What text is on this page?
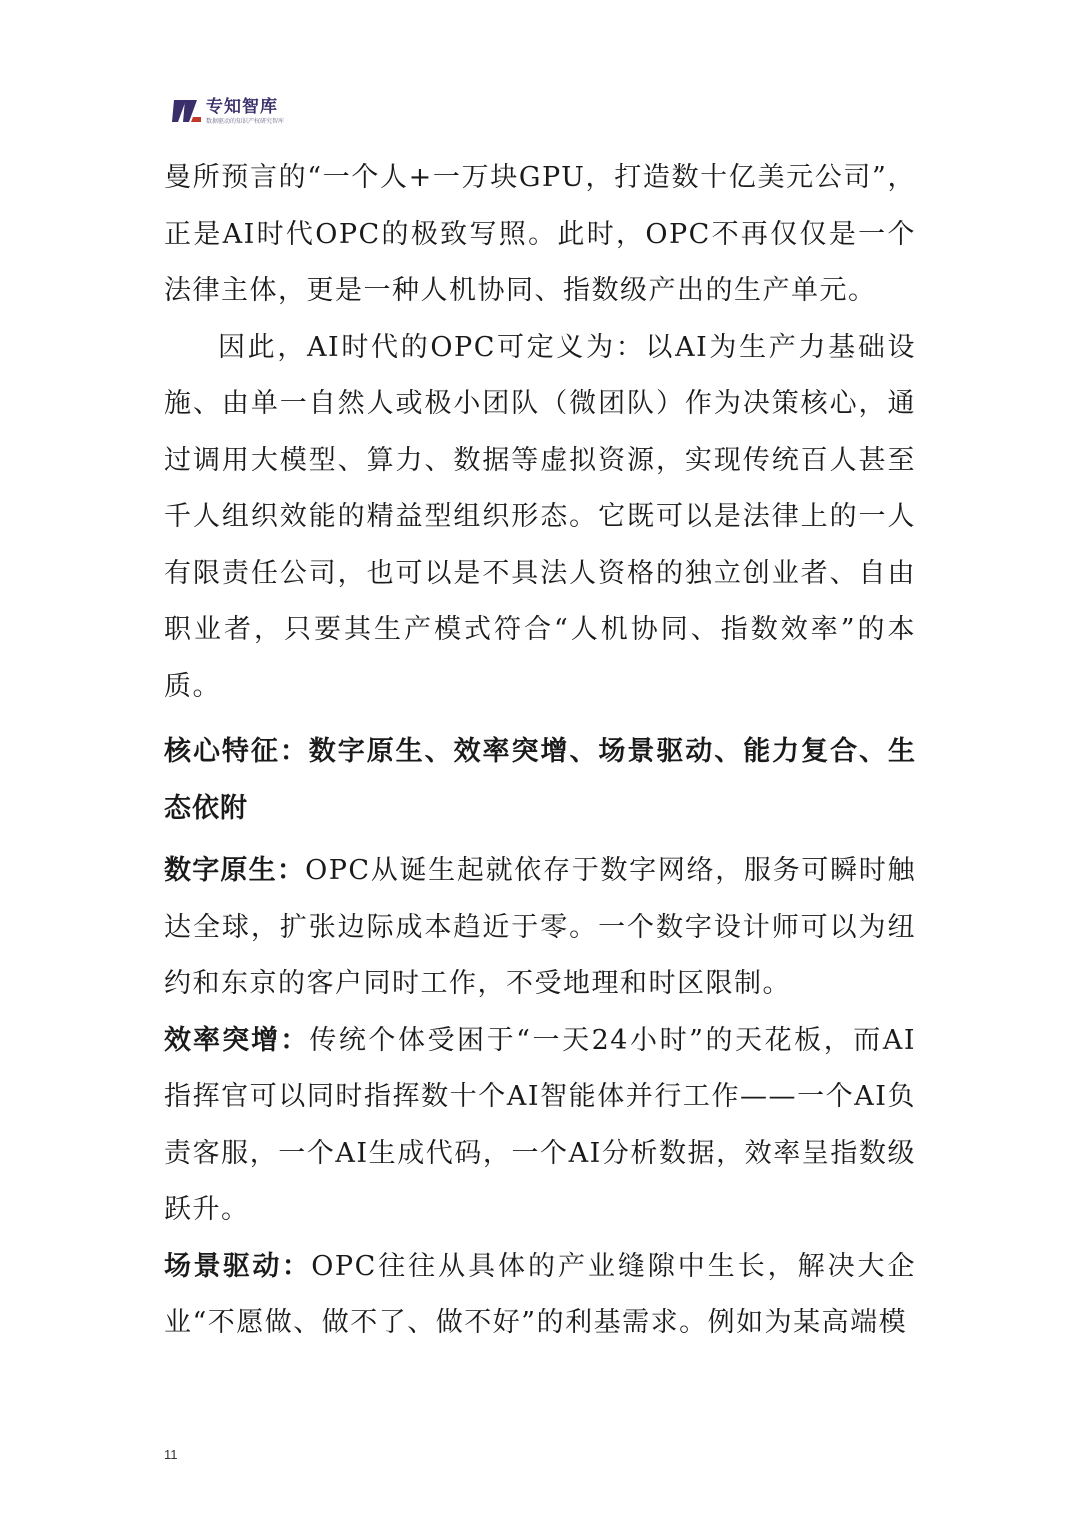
专知智库
数据驱动的知识产权研究智库

曼所预言的“一个人+一万块GPU，打造数十亿美元公司”，正是AI时代OPC的极致写照。此时，OPC不再仅仅是一个法律主体，更是一种人机协同、指数级产出的生产单元。

因此，AI时代的OPC可定义为：以AI为生产力基础设施、由单一自然人或极小团队（微团队）作为决策核心，通过调用大模型、算力、数据等虚拟资源，实现传统百人甚至千人组织效能的精益型组织形态。它既可以是法律上的一人有限责任公司，也可以是不具法人资格的独立创业者、自由职业者，只要其生产模式符合“人机协同、指数效率”的本质。

核心特征：数字原生、效率突增、场景驱动、能力复合、生态依附

数字原生：OPC从诞生起就依存于数字网络，服务可瞬时触达全球，扩张边际成本趋近于零。一个数字设计师可以为纽约和东京的客户同时工作，不受地理和时区限制。

效率突增：传统个体受困于“一天24小时”的天花板，而AI指挥官可以同时指挥数十个AI智能体并行工作——一个AI负责客服，一个AI生成代码，一个AI分析数据，效率呈指数级跃升。

场景驱动：OPC往往从具体的产业缝隙中生长，解决大企业“不愿做、做不了、做不好”的利基需求。例如为某高端模

11
